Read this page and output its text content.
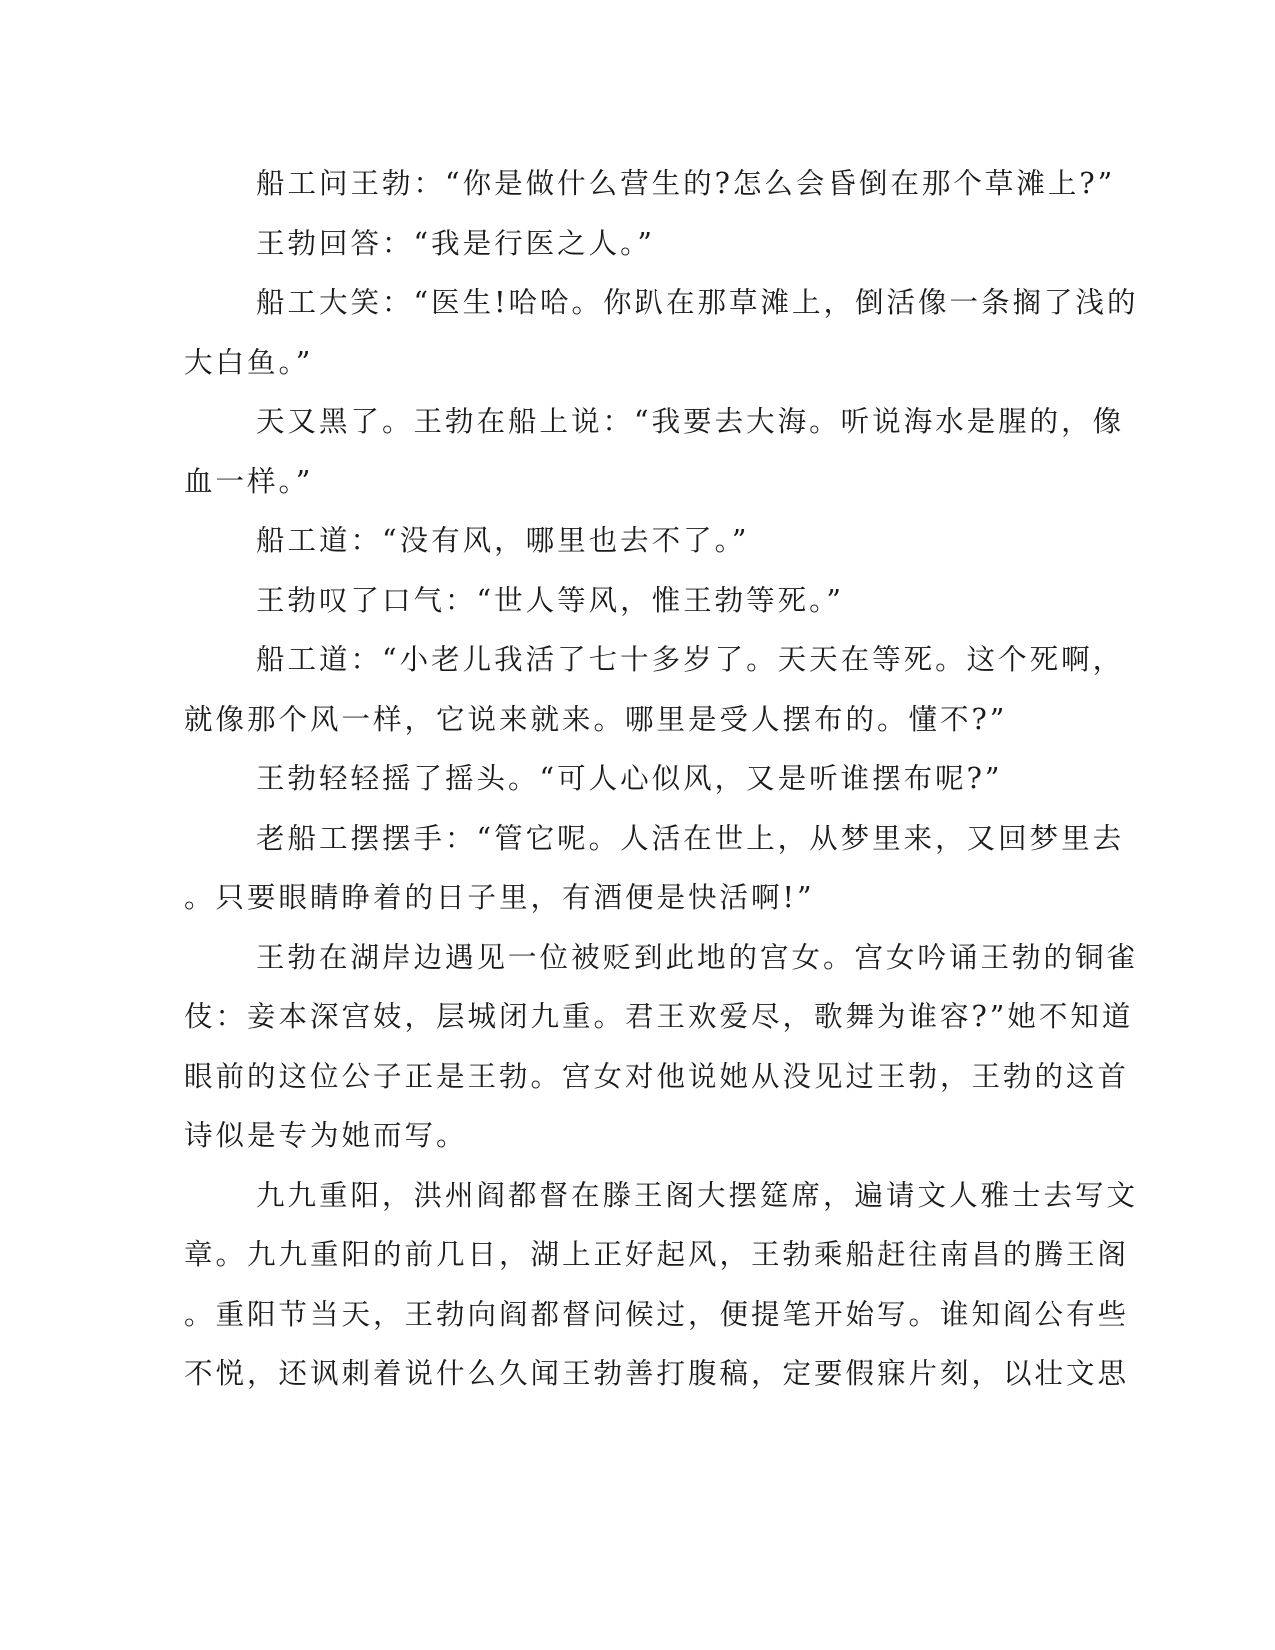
船工问王勃：“你是做什么营生的?怎么会昏倒在那个草滩上?”
王勃回答：“我是行医之人。”
船工大笑：“医生!哈哈。你趴在那草滩上，倒活像一条搁了浅的
大白鱼。”
天又黑了。王勃在船上说：“我要去大海。听说海水是腥的，像
血一样。”
船工道：“没有风，哪里也去不了。”
王勃叹了口气：“世人等风，惟王勃等死。”
船工道：“小老儿我活了七十多岁了。天天在等死。这个死啊，
就像那个风一样，它说来就来。哪里是受人摆布的。懂不?”
王勃轻轻摇了摇头。“可人心似风，又是听谁摆布呢?”
老船工摆摆手：“管它呢。人活在世上，从梦里来，又回梦里去
。只要眼睛睁着的日子里，有酒便是快活啊!”
王勃在湖岸边遇见一位被贬到此地的宫女。宫女吟诵王勃的铜雀
伎：妾本深宫妓，层城闭九重。君王欢爱尽，歌舞为谁容?”她不知道
眼前的这位公子正是王勃。宫女对他说她从没见过王勃，王勃的这首
诗似是专为她而写。
九九重阳，洪州阎都督在滕王阁大摆筵席，遍请文人雅士去写文
章。九九重阳的前几日，湖上正好起风，王勃乘船赶往南昌的腾王阁
。重阳节当天，王勃向阎都督问候过，便提笔开始写。谁知阎公有些
不悦，还讽刺着说什么久闻王勃善打腹稿，定要假寐片刻，以壮文思
